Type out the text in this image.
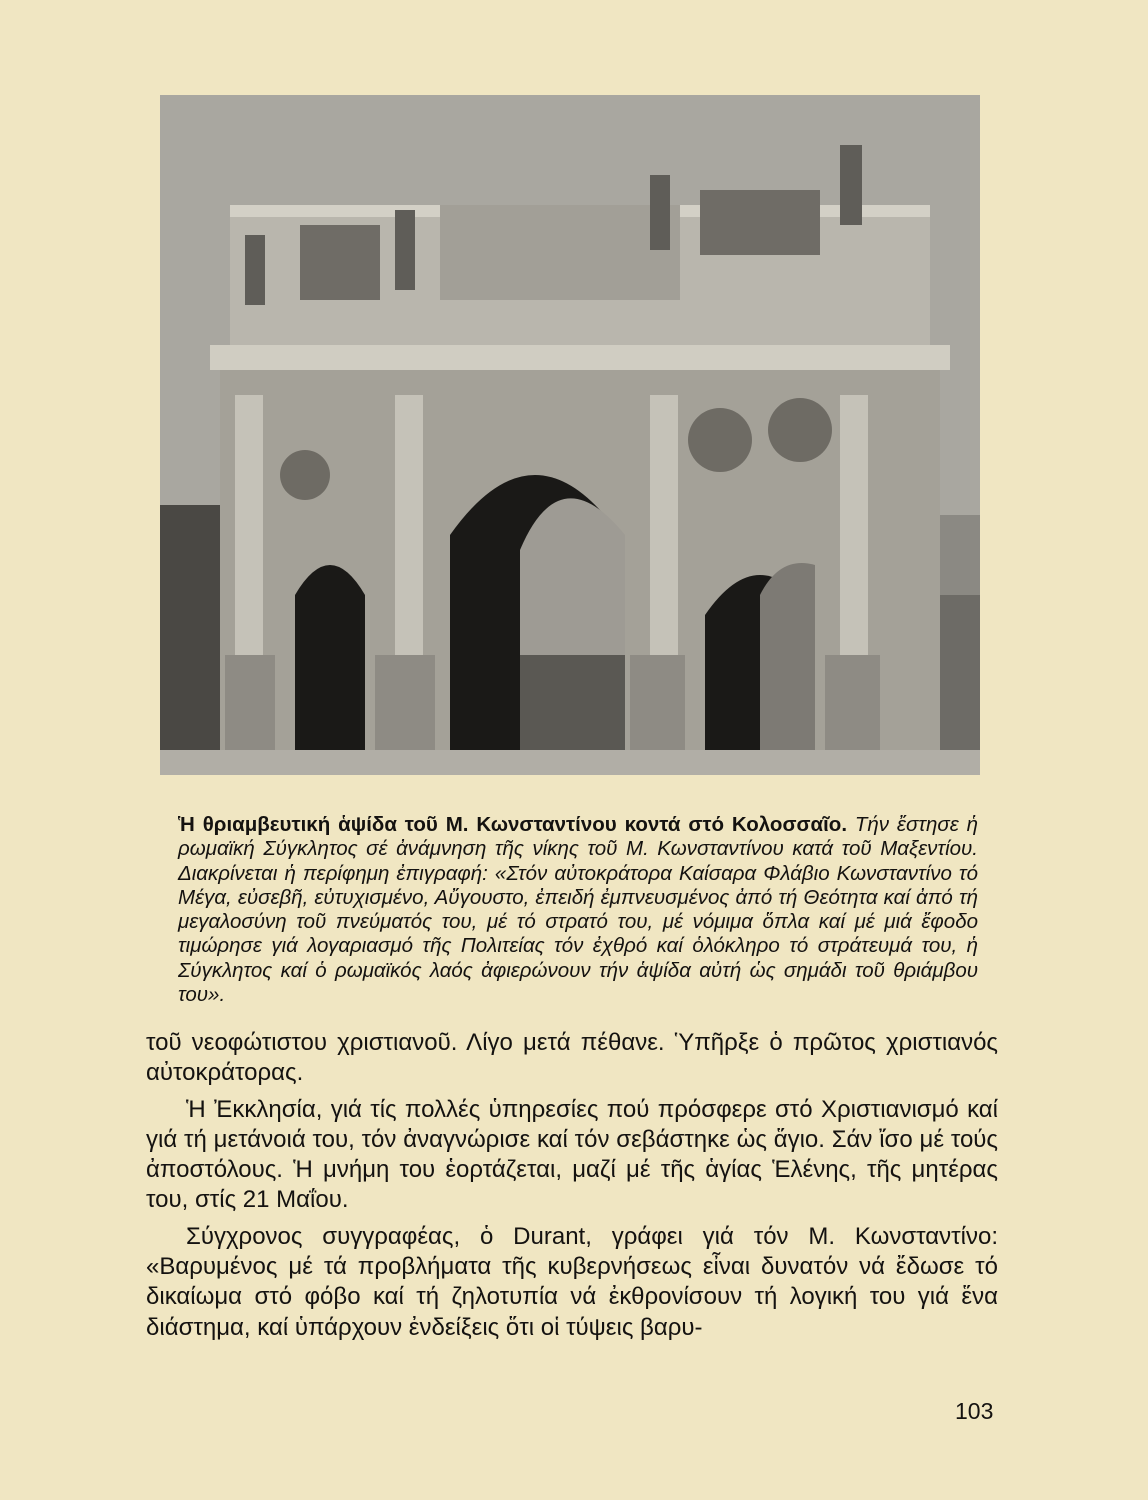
Ἡ θριαμβευτική ἁψίδα τοῦ Μ. Κωνσταντίνου κοντά στό Κολοσσαῖο. Τήν ἔστησε ἡ ρωμαϊκή Σύγκλητος σέ ἀνάμνηση τῆς νίκης τοῦ Μ. Κωνσταντίνου κατά τοῦ Μαξεντίου. Διακρίνεται ἡ περίφημη ἐπιγραφή: «Στόν αὐτοκράτορα Καίσαρα Φλάβιο Κωνσταντίνο τό Μέγα, εὐσεβῆ, εὐτυχισμένο, Αὔγουστο, ἐπειδή ἐμπνευσμένος ἀπό τή Θεότητα καί ἀπό τή μεγαλοσύνη τοῦ πνεύματός του, μέ τό στρατό του, μέ νόμιμα ὅπλα καί μέ μιά ἔφοδο τιμώρησε γιά λογαριασμό τῆς Πολιτείας τόν ἐχθρό καί ὁλόκληρο τό στράτευμά του, ἡ Σύγκλητος καί ὁ ρωμαϊκός λαός ἀφιερώνουν τήν ἁψίδα αὐτή ὡς σημάδι τοῦ θριάμβου του».

τοῦ νεοφώτιστου χριστιανοῦ. Λίγο μετά πέθανε. Ὑπῆρξε ὁ πρῶτος χριστιανός αὐτοκράτορας.

Ἡ Ἐκκλησία, γιά τίς πολλές ὑπηρεσίες πού πρόσφερε στό Χριστιανισμό καί γιά τή μετάνοιά του, τόν ἀναγνώρισε καί τόν σεβάστηκε ὡς ἅγιο. Σάν ἴσο μέ τούς ἀποστόλους. Ἡ μνήμη του ἑορτάζεται, μαζί μέ τῆς ἁγίας Ἑλένης, τῆς μητέρας του, στίς 21 Μαΐου.

Σύγχρονος συγγραφέας, ὁ Durant, γράφει γιά τόν Μ. Κωνσταντίνο: «Βαρυμένος μέ τά προβλήματα τῆς κυβερνήσεως εἶναι δυνατόν νά ἔδωσε τό δικαίωμα στό φόβο καί τή ζηλοτυπία νά ἐκθρονίσουν τή λογική του γιά ἕνα διάστημα, καί ὑπάρχουν ἐνδείξεις ὅτι οἱ τύψεις βαρυ-

103
